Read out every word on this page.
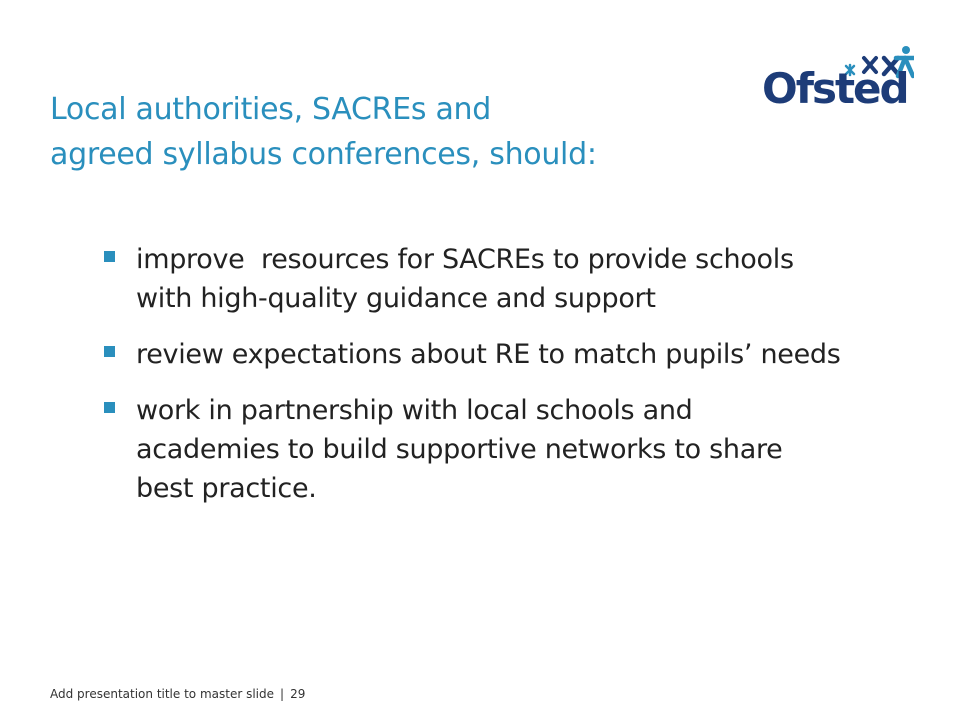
Local authorities, SACREs and
agreed syllabus conferences, should:
Ofsted
improve  resources for SACREs to provide schools with high-quality guidance and support
review expectations about RE to match pupils’ needs
work in partnership with local schools and academies to build supportive networks to share best practice.
Add presentation title to master slide | 29
